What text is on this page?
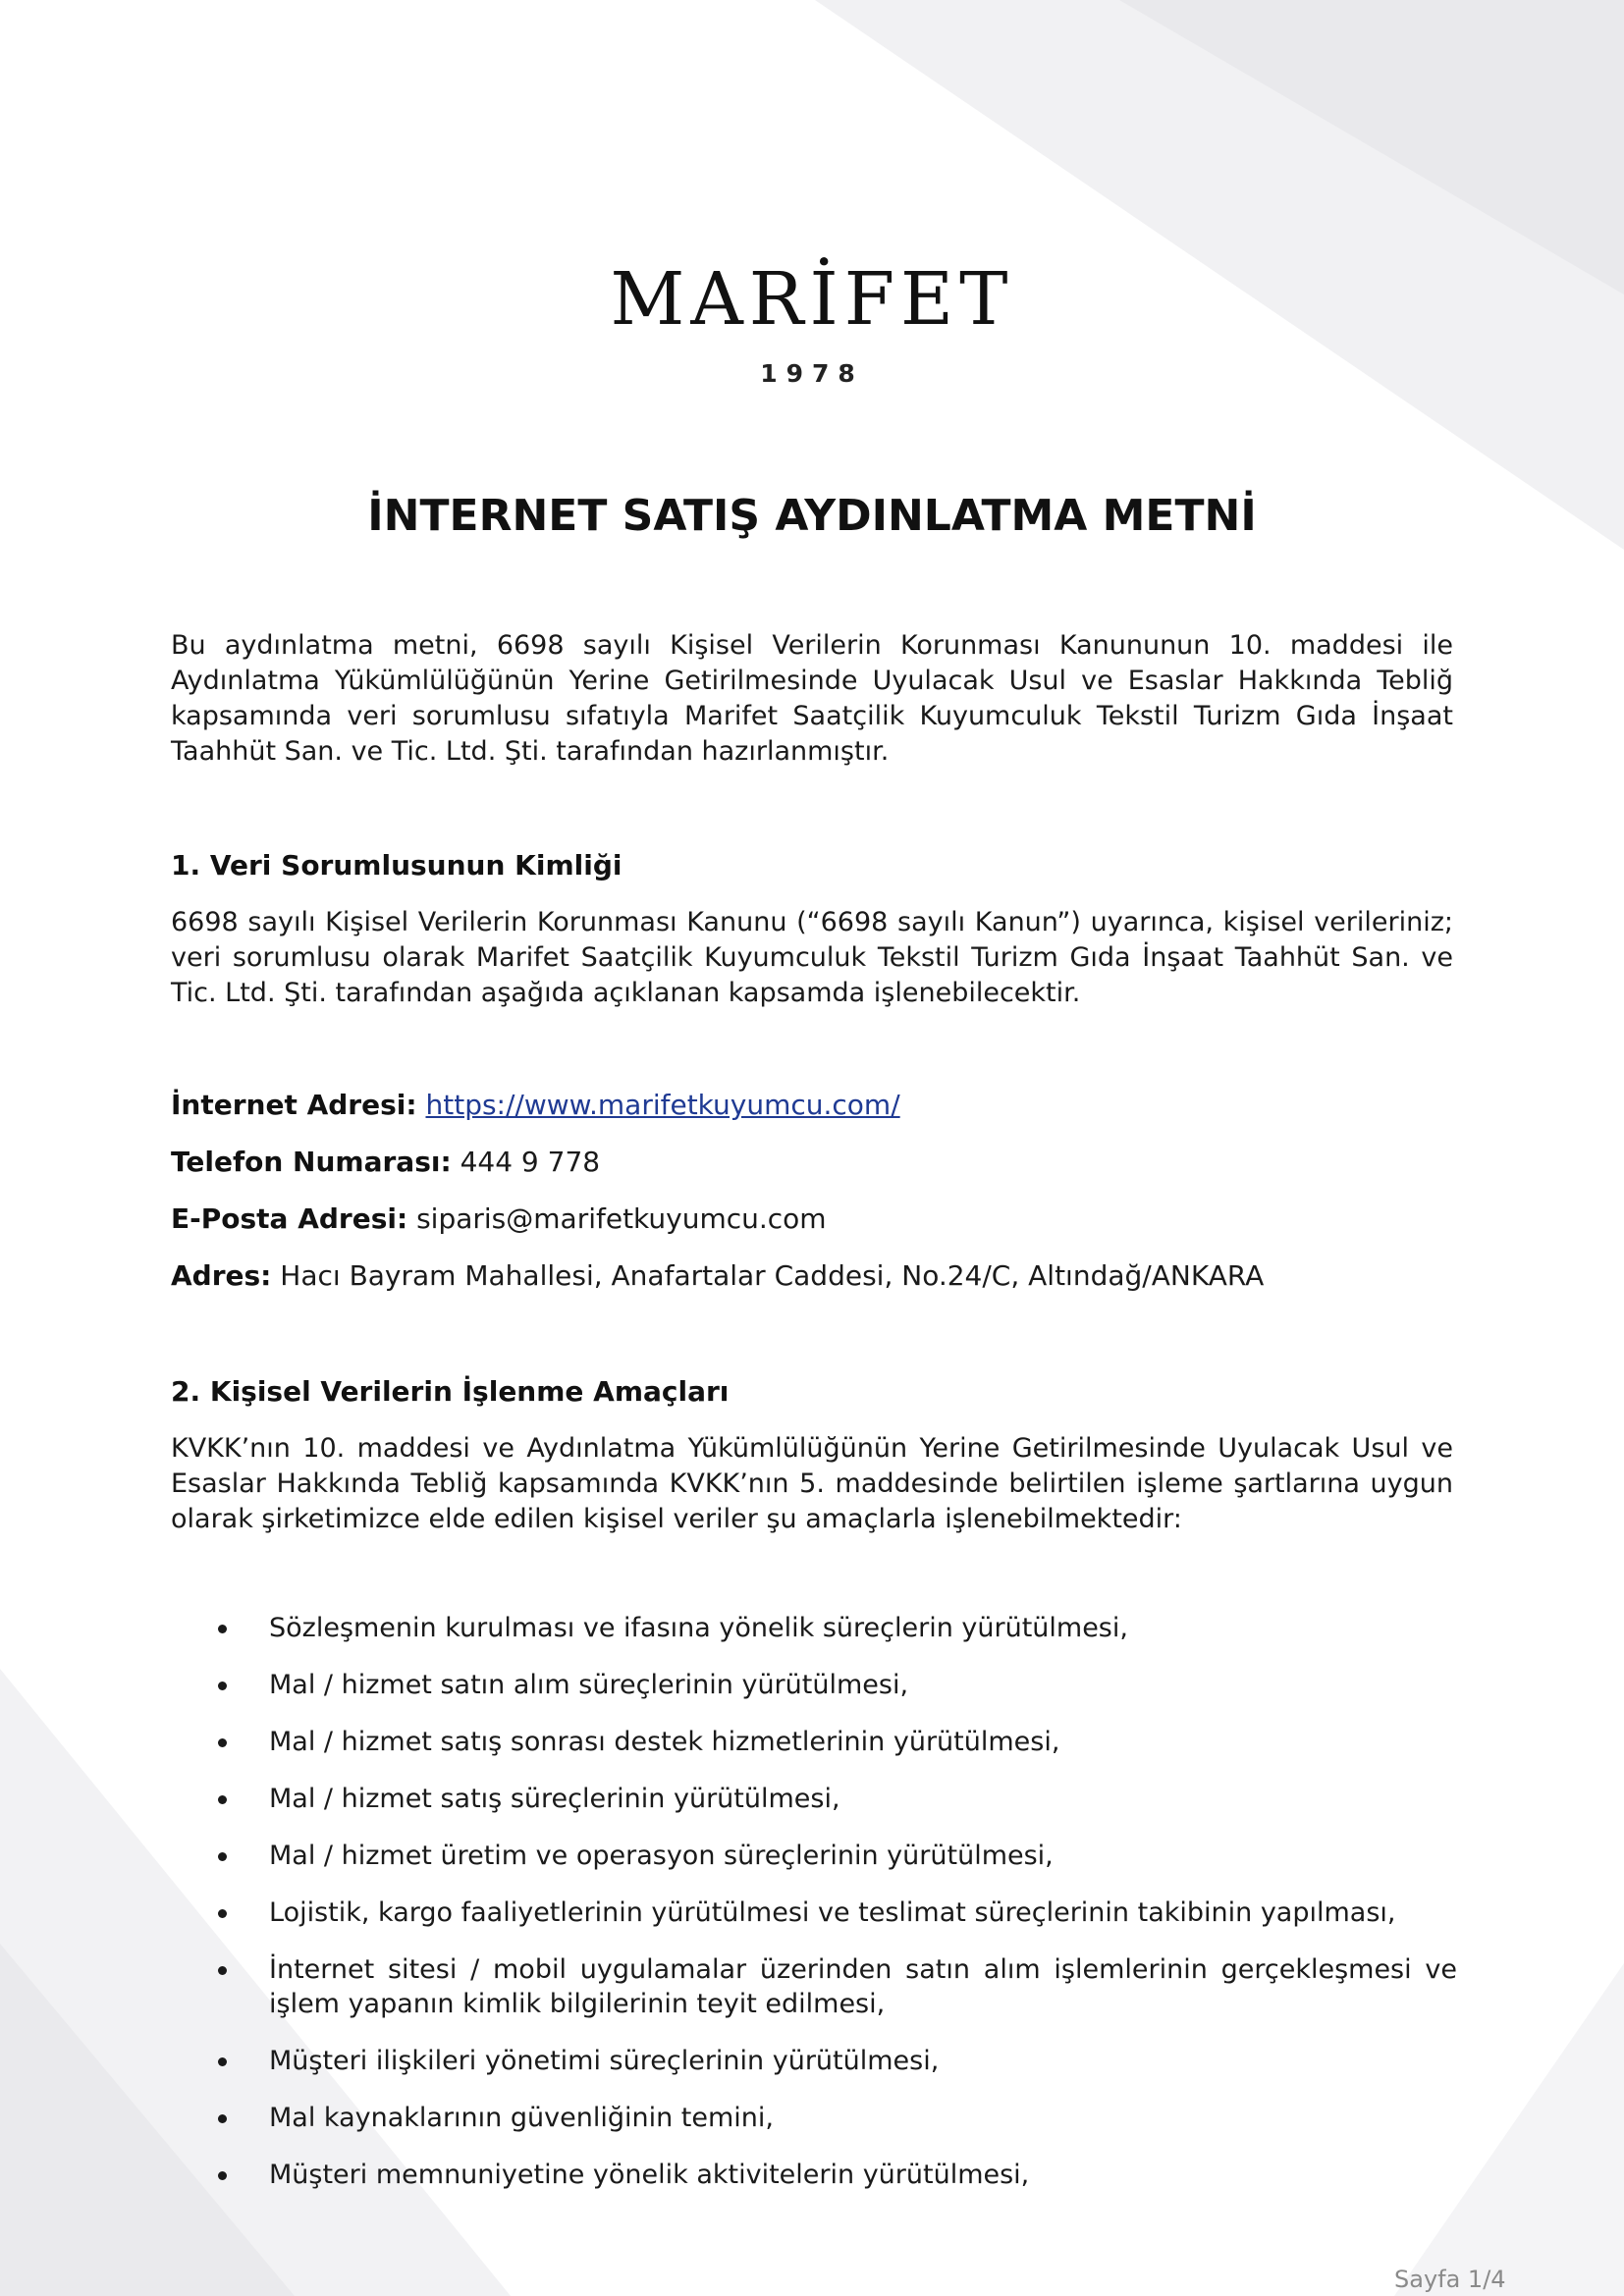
MARİFET
1978
İNTERNET SATIŞ AYDINLATMA METNİ

Bu aydınlatma metni, 6698 sayılı Kişisel Verilerin Korunması Kanununun 10. maddesi ile Aydınlatma Yükümlülüğünün Yerine Getirilmesinde Uyulacak Usul ve Esaslar Hakkında Tebliğ kapsamında veri sorumlusu sıfatıyla Marifet Saatçilik Kuyumculuk Tekstil Turizm Gıda İnşaat Taahhüt San. ve Tic. Ltd. Şti. tarafından hazırlanmıştır.

1. Veri Sorumlusunun Kimliği

6698 sayılı Kişisel Verilerin Korunması Kanunu (“6698 sayılı Kanun”) uyarınca, kişisel verileriniz; veri sorumlusu olarak Marifet Saatçilik Kuyumculuk Tekstil Turizm Gıda İnşaat Taahhüt San. ve Tic. Ltd. Şti. tarafından aşağıda açıklanan kapsamda işlenebilecektir.

İnternet Adresi: https://www.marifetkuyumcu.com/

Telefon Numarası: 444 9 778

E-Posta Adresi: siparis@marifetkuyumcu.com

Adres: Hacı Bayram Mahallesi, Anafartalar Caddesi, No.24/C, Altındağ/ANKARA

2. Kişisel Verilerin İşlenme Amaçları

KVKK’nın 10. maddesi ve Aydınlatma Yükümlülüğünün Yerine Getirilmesinde Uyulacak Usul ve Esaslar Hakkında Tebliğ kapsamında KVKK’nın 5. maddesinde belirtilen işleme şartlarına uygun olarak şirketimizce elde edilen kişisel veriler şu amaçlarla işlenebilmektedir:

Sözleşmenin kurulması ve ifasına yönelik süreçlerin yürütülmesi,
Mal / hizmet satın alım süreçlerinin yürütülmesi,
Mal / hizmet satış sonrası destek hizmetlerinin yürütülmesi,
Mal / hizmet satış süreçlerinin yürütülmesi,
Mal / hizmet üretim ve operasyon süreçlerinin yürütülmesi,
Lojistik, kargo faaliyetlerinin yürütülmesi ve teslimat süreçlerinin takibinin yapılması,
İnternet sitesi / mobil uygulamalar üzerinden satın alım işlemlerinin gerçekleşmesi ve işlem yapanın kimlik bilgilerinin teyit edilmesi,
Müşteri ilişkileri yönetimi süreçlerinin yürütülmesi,
Mal kaynaklarının güvenliğinin temini,
Müşteri memnuniyetine yönelik aktivitelerin yürütülmesi,
Sayfa 1/4
